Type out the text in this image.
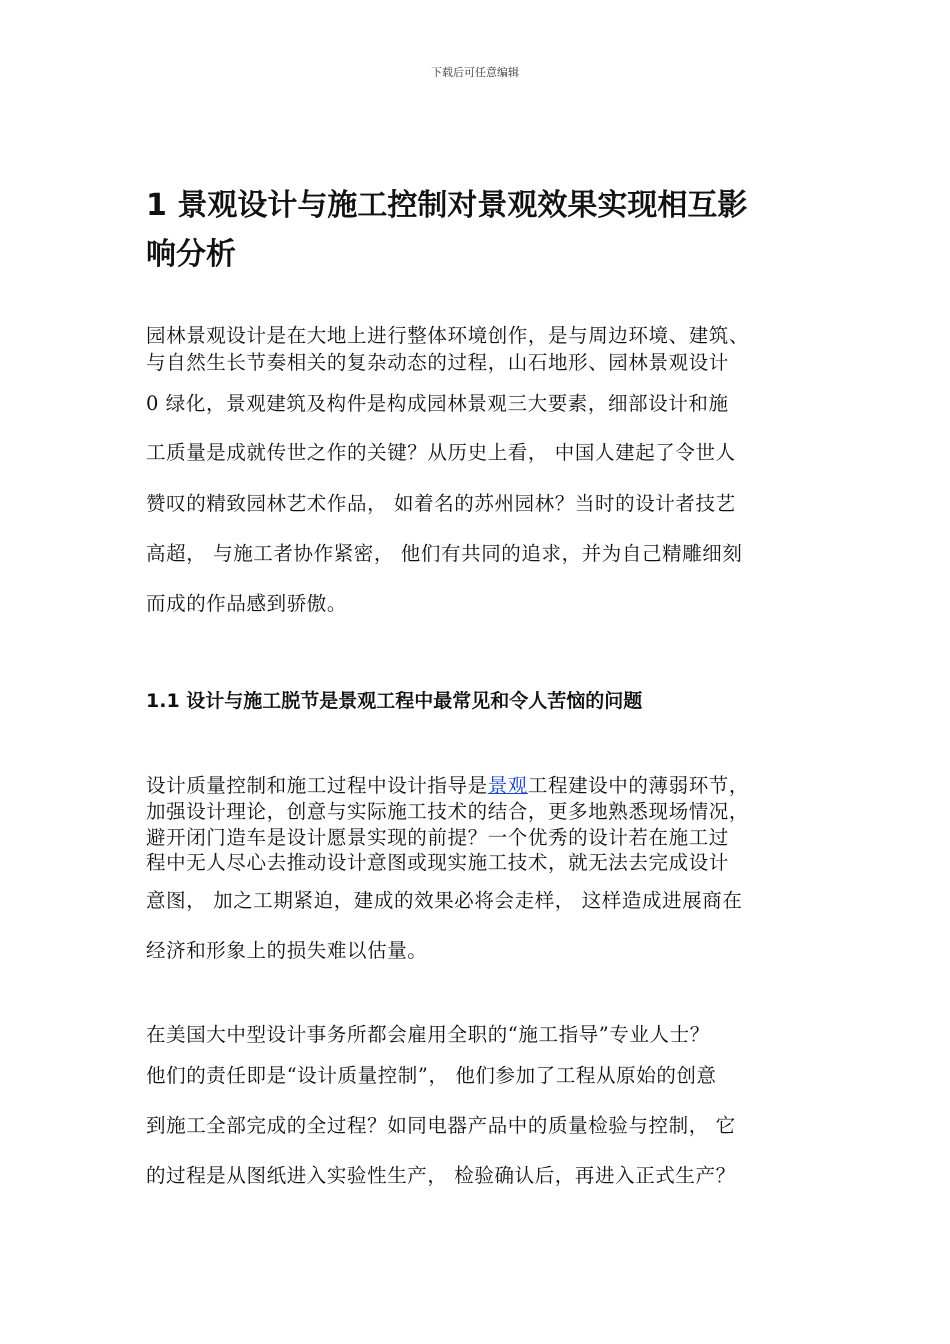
下载后可任意编辑
1 景观设计与施工控制对景观效果实现相互影
响分析
园林景观设计是在大地上进行整体环境创作，是与周边环境、建筑、
与自然生长节奏相关的复杂动态的过程，山石地形、园林景观设计
0 绿化，景观建筑及构件是构成园林景观三大要素，细部设计和施
工质量是成就传世之作的关键？从历史上看， 中国人建起了令世人
赞叹的精致园林艺术作品， 如着名的苏州园林？当时的设计者技艺
高超， 与施工者协作紧密， 他们有共同的追求，并为自己精雕细刻
而成的作品感到骄傲。
1.1 设计与施工脱节是景观工程中最常见和令人苦恼的问题
设计质量控制和施工过程中设计指导是景观工程建设中的薄弱环节，
加强设计理论，创意与实际施工技术的结合，更多地熟悉现场情况，
避开闭门造车是设计愿景实现的前提？一个优秀的设计若在施工过
程中无人尽心去推动设计意图或现实施工技术，就无法去完成设计
意图， 加之工期紧迫，建成的效果必将会走样， 这样造成进展商在
经济和形象上的损失难以估量。
在美国大中型设计事务所都会雇用全职的“施工指导”专业人士？
他们的责任即是“设计质量控制”， 他们参加了工程从原始的创意
到施工全部完成的全过程？如同电器产品中的质量检验与控制， 它
的过程是从图纸进入实验性生产， 检验确认后，再进入正式生产？
